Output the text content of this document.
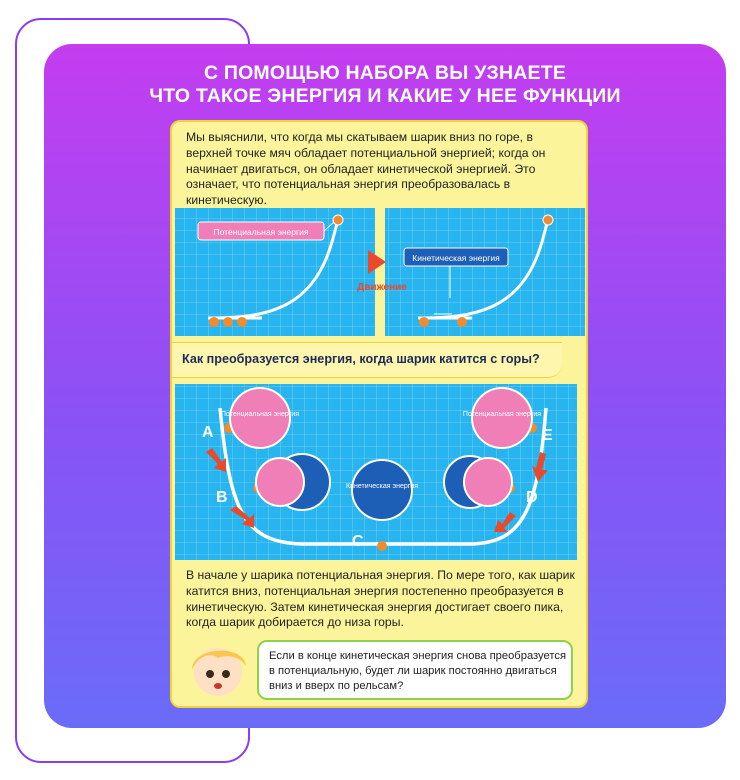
С ПОМОЩЬЮ НАБОРА ВЫ УЗНАЕТЕ
ЧТО ТАКОЕ ЭНЕРГИЯ И КАКИЕ У НЕЕ ФУНКЦИИ
Мы выяснили, что когда мы скатываем шарик вниз по горе, в верхней точке мяч обладает потенциальной энергией; когда он начинает двигаться, он обладает кинетической энергией. Это означает, что потенциальная энергия преобразовалась в кинетическую.
Потенциальная энергия
Кинетическая энергия
Движение
A
B
C
D
E
Потенциальная энергия
Кинетическая энергия
Потенциальная энергия
Как преобразуется энергия, когда шарик катится с горы?
В начале у шарика потенциальная энергия. По мере того, как шарик катится вниз, потенциальная энергия постепенно преобразуется в кинетическую. Затем кинетическая энергия достигает своего пика, когда шарик добирается до низа горы.
Если в конце кинетическая энергия снова преобразуется в потенциальную, будет ли шарик постоянно двигаться вниз и вверх по рельсам?
